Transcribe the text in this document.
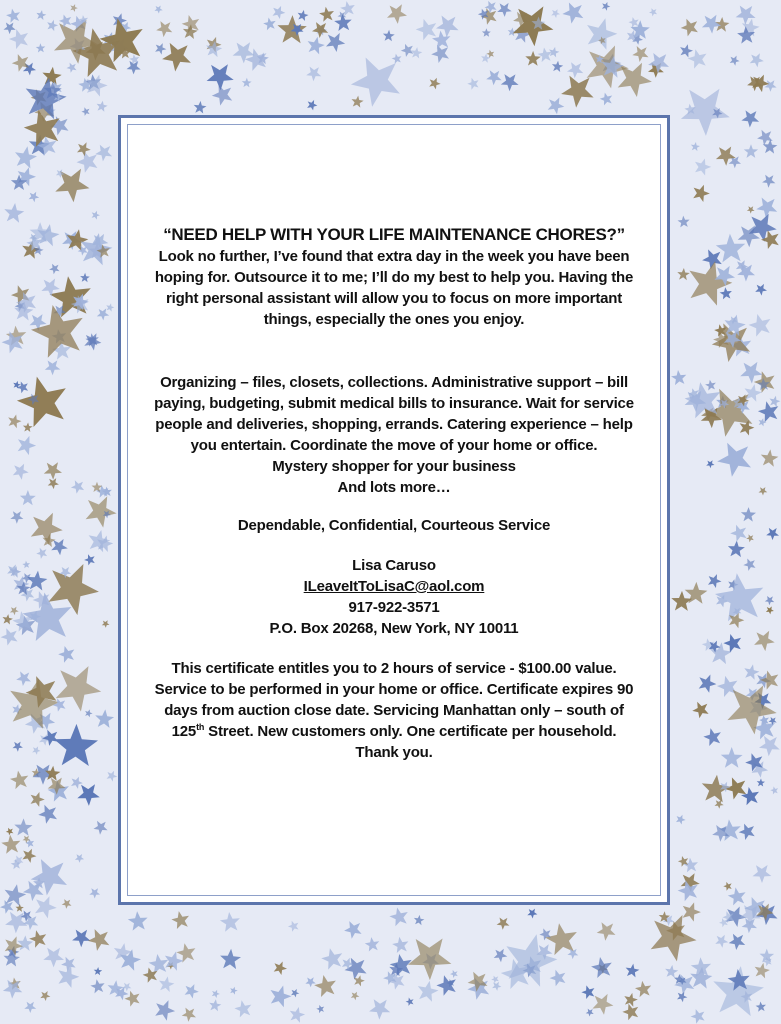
“NEED HELP WITH YOUR LIFE MAINTENANCE CHORES?”

Look no further, I’ve found that extra day in the week you have been
hoping for. Outsource it to me; I’ll do my best to help you. Having the
right personal assistant will allow you to focus on more important
things, especially the ones you enjoy.

Organizing – files, closets, collections. Administrative support – bill
paying, budgeting, submit medical bills to insurance. Wait for service
people and deliveries, shopping, errands. Catering experience – help
you entertain. Coordinate the move of your home or office.
Mystery shopper for your business
And lots more…

Dependable, Confidential, Courteous Service

Lisa Caruso
ILeaveItToLisaC@aol.com
917-922-3571
P.O. Box 20268, New York, NY 10011

This certificate entitles you to 2 hours of service - $100.00 value.
Service to be performed in your home or office. Certificate expires 90
days from auction close date. Servicing Manhattan only – south of
125th Street. New customers only. One certificate per household.
Thank you.
